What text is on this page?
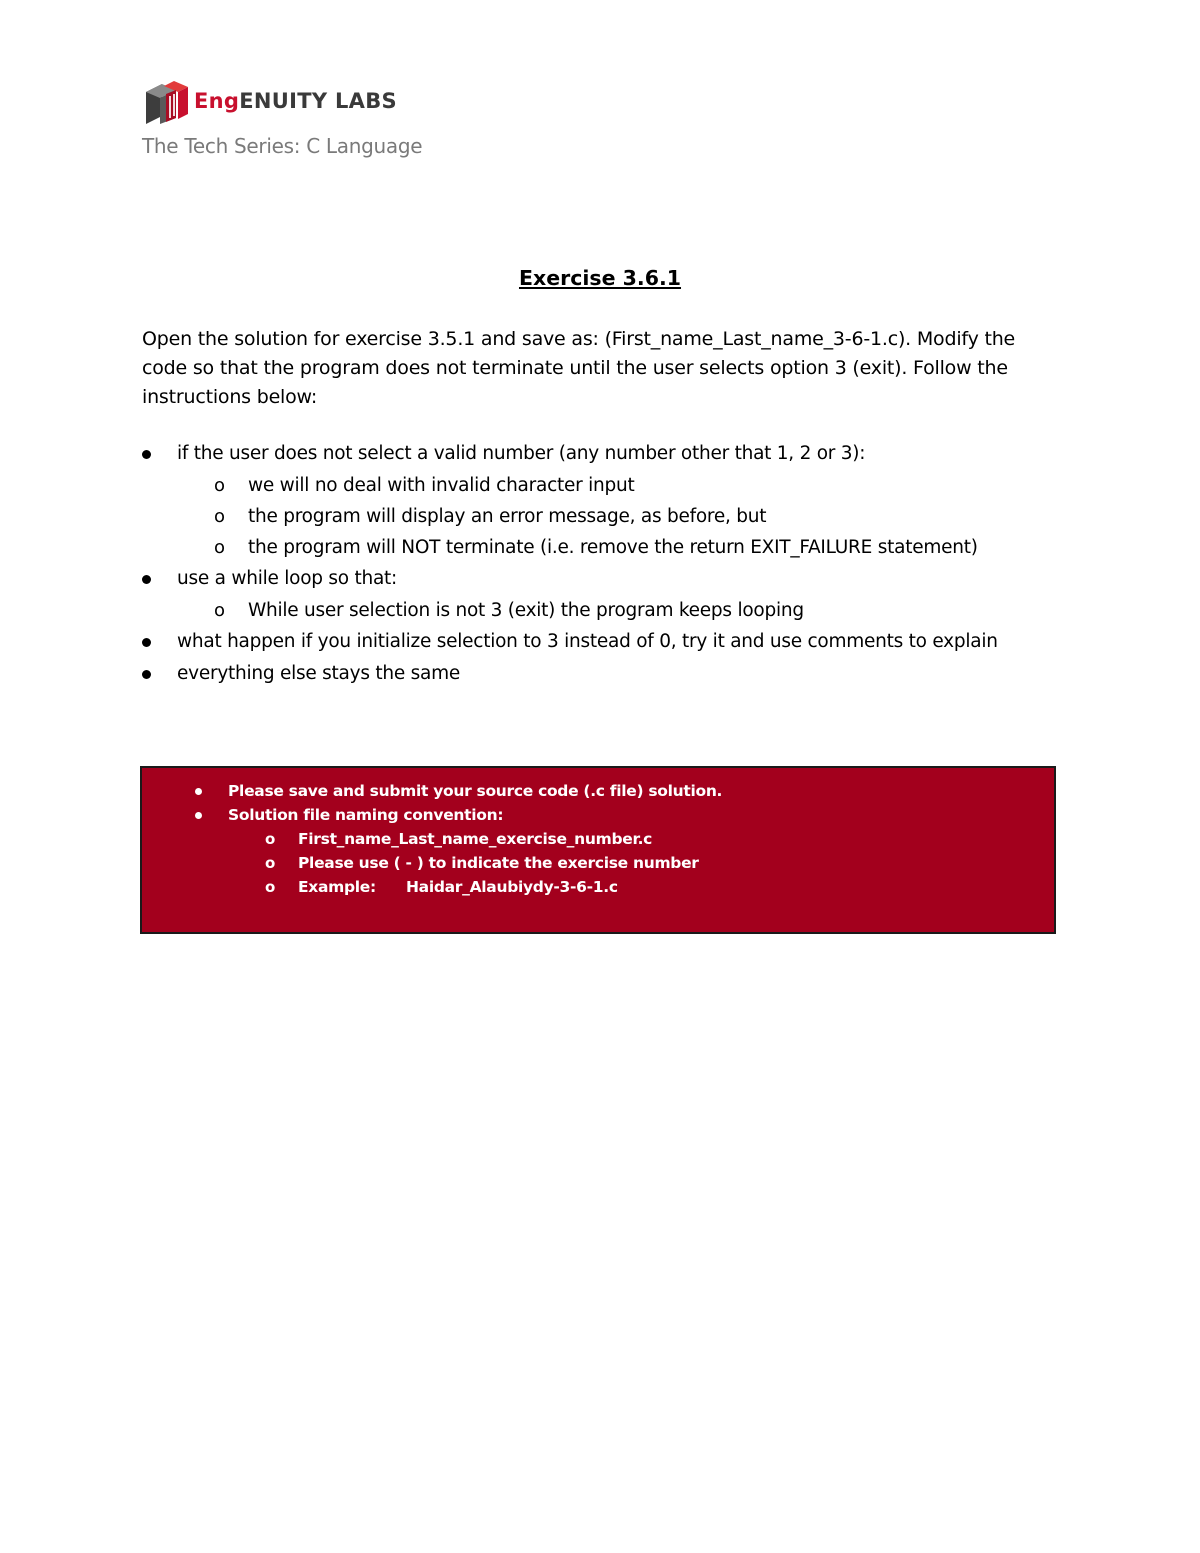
EngENUITY LABS
The Tech Series: C Language
Exercise 3.6.1
Open the solution for exercise 3.5.1 and save as: (First_name_Last_name_3-6-1.c). Modify the code so that the program does not terminate until the user selects option 3 (exit). Follow the instructions below:
if the user does not select a valid number (any number other that 1, 2 or 3):
o we will no deal with invalid character input
o the program will display an error message, as before, but
o the program will NOT terminate (i.e. remove the return EXIT_FAILURE statement)
use a while loop so that:
o While user selection is not 3 (exit) the program keeps looping
what happen if you initialize selection to 3 instead of 0, try it and use comments to explain
everything else stays the same
Please save and submit your source code (.c file) solution.
Solution file naming convention:
o First_name_Last_name_exercise_number.c
o Please use ( - ) to indicate the exercise number
o Example: Haidar_Alaubiydy-3-6-1.c
